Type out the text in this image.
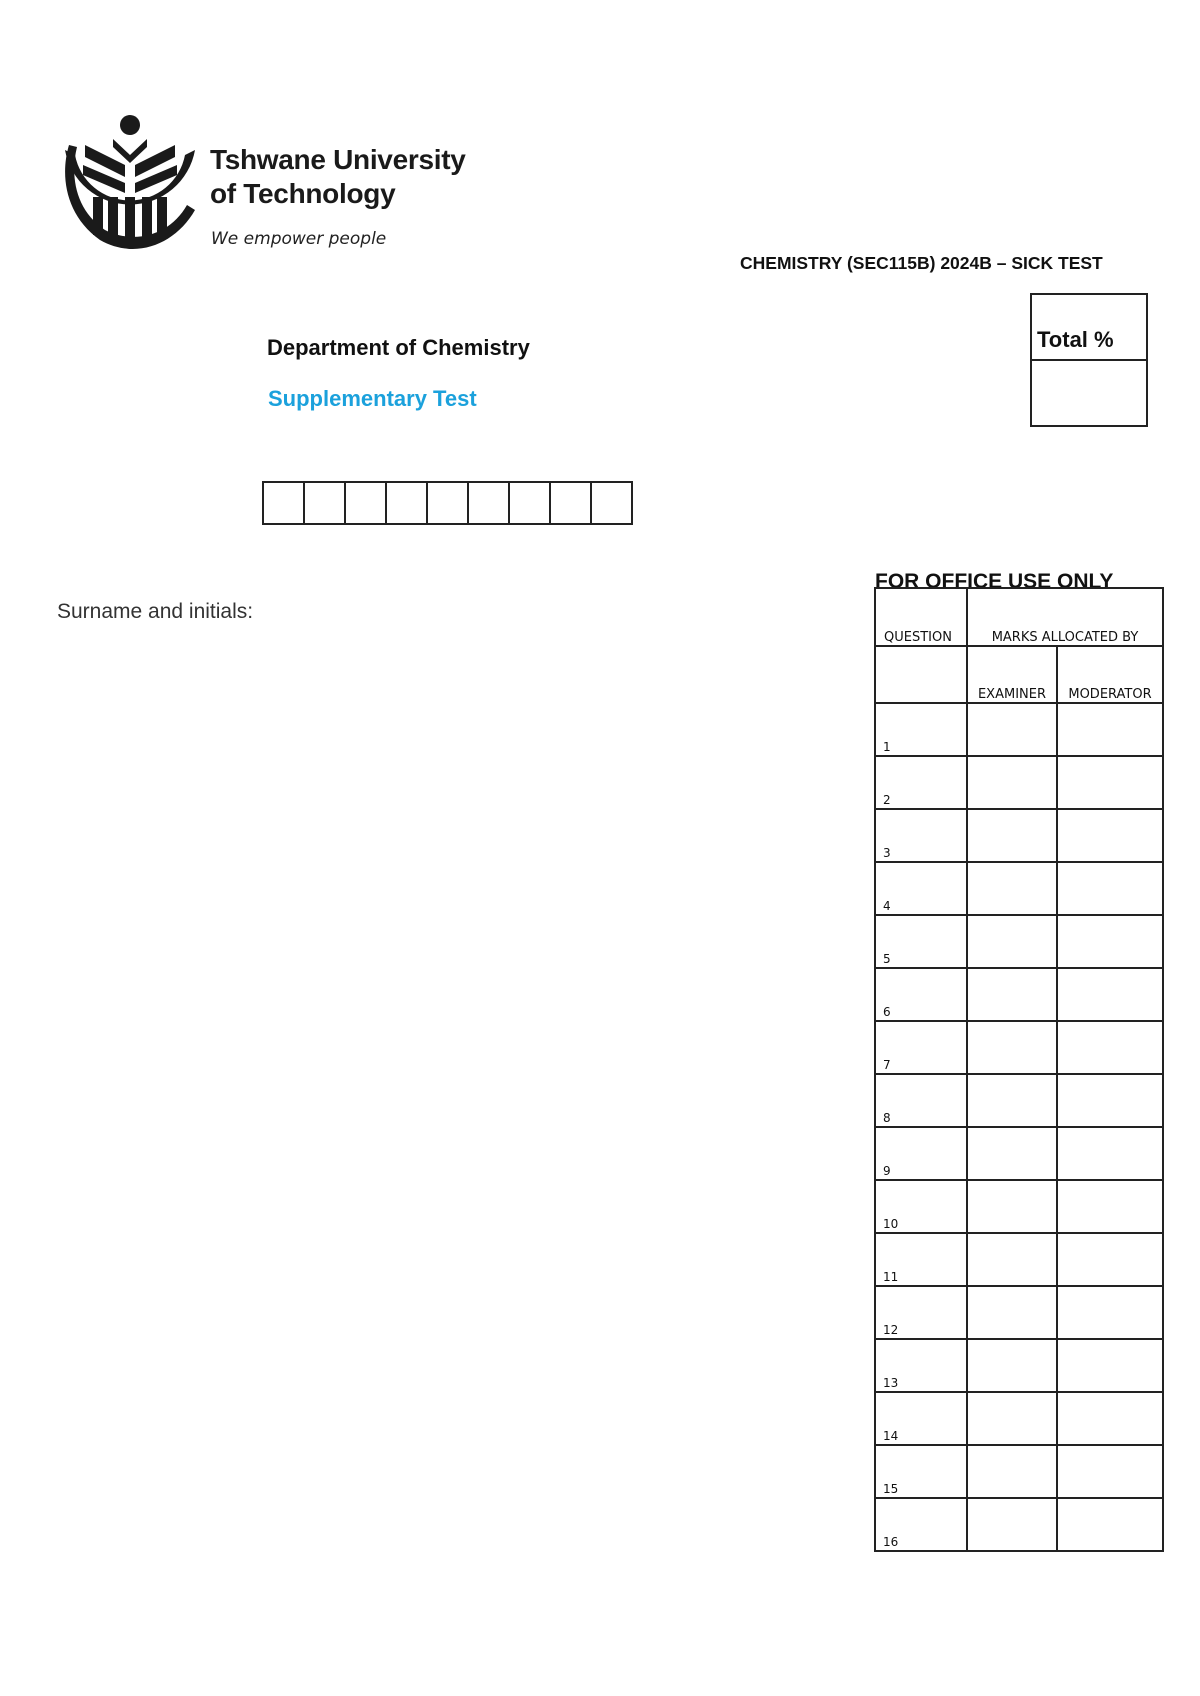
Tshwane University
of Technology
We empower people
CHEMISTRY (SEC115B) 2024B – SICK TEST
Total %
Department of Chemistry
Supplementary Test
Surname and initials:
FOR OFFICE USE ONLY
QUESTION	MARKS ALLOCATED BY	
	EXAMINER	MODERATOR
1		
2		
3		
4		
5		
6		
7		
8		
9		
10		
11		
12		
13		
14		
15		
16		
